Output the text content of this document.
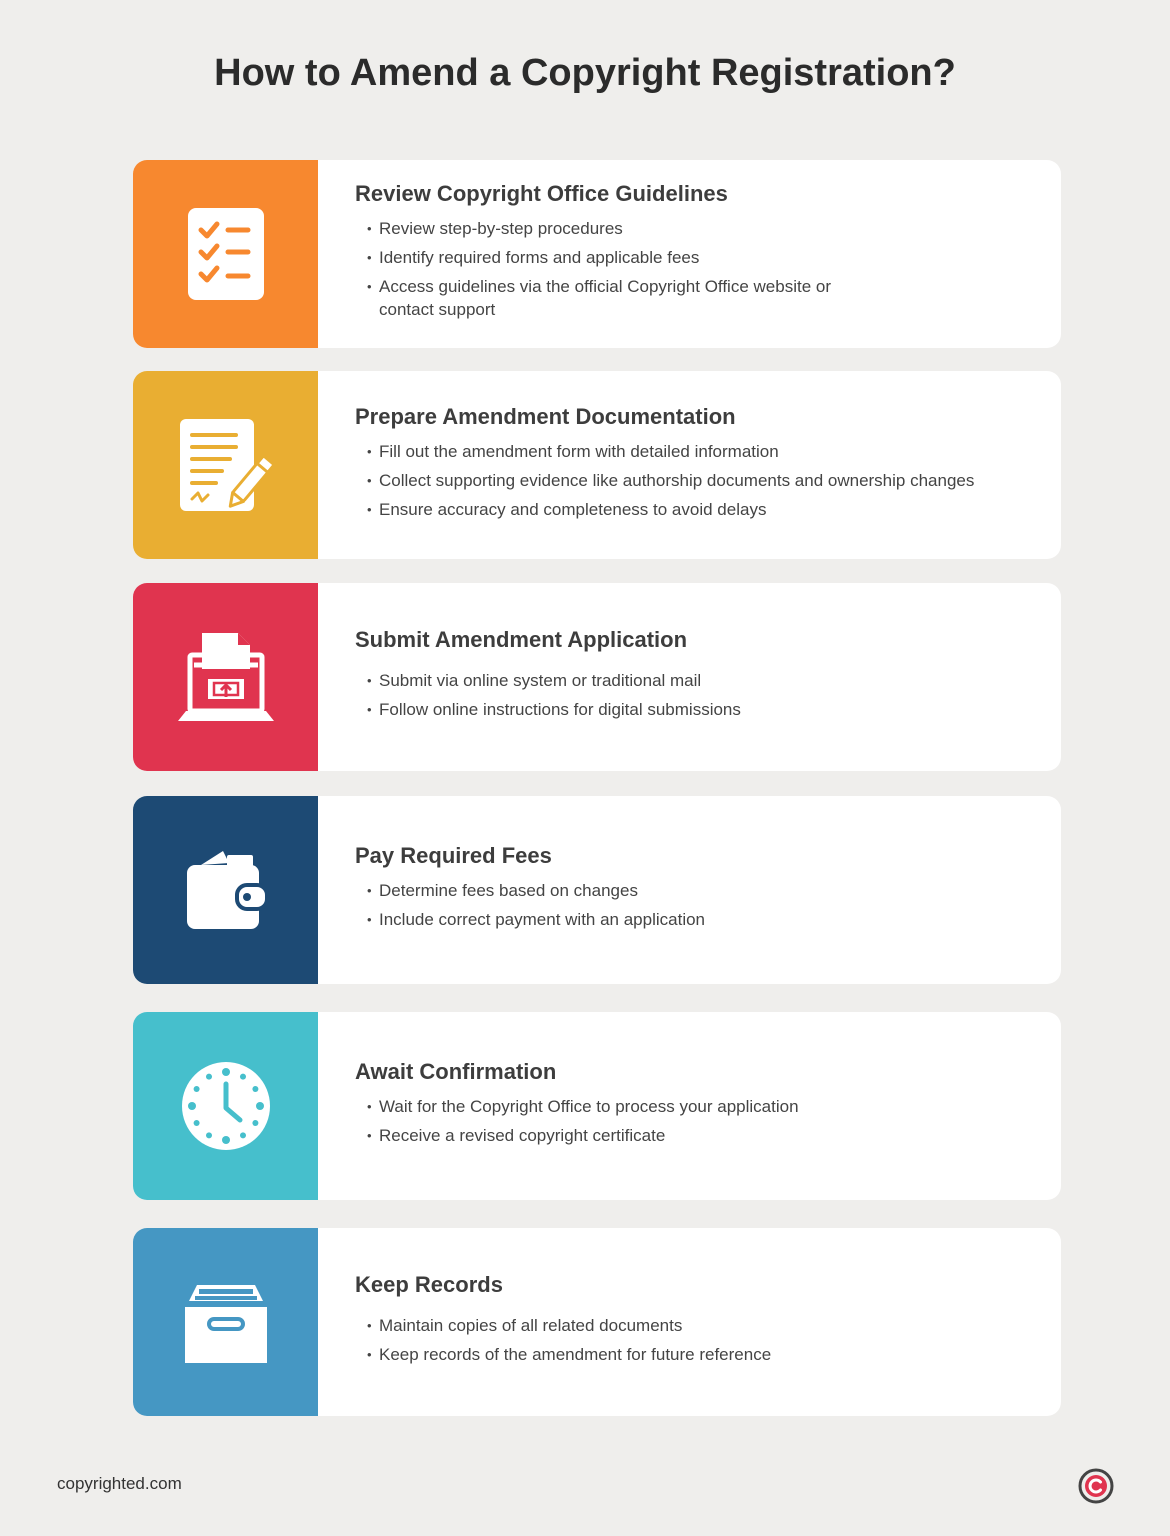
How to Amend a Copyright Registration?
Review Copyright Office Guidelines
• Review step-by-step procedures
• Identify required forms and applicable fees
• Access guidelines via the official Copyright Office website or contact support
Prepare Amendment Documentation
• Fill out the amendment form with detailed information
• Collect supporting evidence like authorship documents and ownership changes
• Ensure accuracy and completeness to avoid delays
Submit Amendment Application
• Submit via online system or traditional mail
• Follow online instructions for digital submissions
Pay Required Fees
• Determine fees based on changes
• Include correct payment with an application
Await Confirmation
• Wait for the Copyright Office to process your application
• Receive a revised copyright certificate
Keep Records
• Maintain copies of all related documents
• Keep records of the amendment for future reference
copyrighted.com
